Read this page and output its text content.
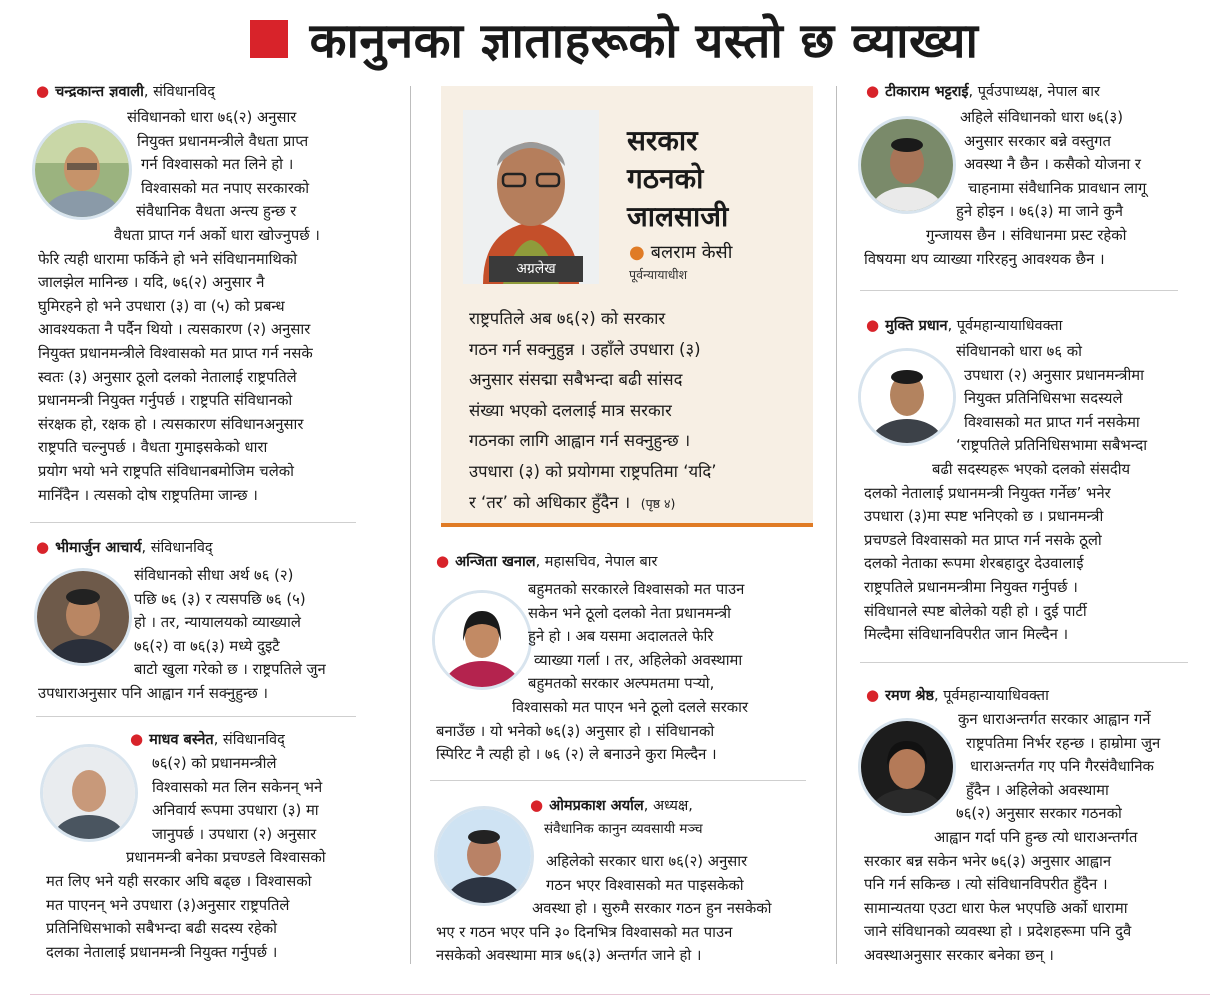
कानुनका ज्ञाताहरूको यस्तो छ व्याख्या
● चन्द्रकान्त ज्ञवाली, संविधानविद्
संविधानको धारा ७६(२) अनुसार
नियुक्त प्रधानमन्त्रीले वैधता प्राप्त
गर्न विश्वासको मत लिने हो ।
विश्वासको मत नपाए सरकारको
संवैधानिक वैधता अन्त्य हुन्छ र
वैधता प्राप्त गर्न अर्को धारा खोज्नुपर्छ ।
फेरि त्यही धारामा फर्किने हो भने संविधानमाथिको
जालझेल मानिन्छ । यदि, ७६(२) अनुसार नै
घुमिरहने हो भने उपधारा (३) वा (५) को प्रबन्ध
आवश्यकता नै पर्दैन थियो । त्यसकारण (२) अनुसार
नियुक्त प्रधानमन्त्रीले विश्वासको मत प्राप्त गर्न नसके
स्वतः (३) अनुसार ठूलो दलको नेतालाई राष्ट्रपतिले
प्रधानमन्त्री नियुक्त गर्नुपर्छ । राष्ट्रपति संविधानको
संरक्षक हो, रक्षक हो । त्यसकारण संविधानअनुसार
राष्ट्रपति चल्नुपर्छ । वैधता गुमाइसकेको धारा
प्रयोग भयो भने राष्ट्रपति संविधानबमोजिम चलेको
मानिँदैन । त्यसको दोष राष्ट्रपतिमा जान्छ ।
● भीमार्जुन आचार्य, संविधानविद्
संविधानको सीधा अर्थ ७६ (२)
पछि ७६ (३) र त्यसपछि ७६ (५)
हो । तर, न्यायालयको व्याख्याले
७६(२) वा ७६(३) मध्ये दुइटै
बाटो खुला गरेको छ । राष्ट्रपतिले जुन
उपधाराअनुसार पनि आह्वान गर्न सक्नुहुन्छ ।
● माधव बस्नेत, संविधानविद्
७६(२) को प्रधानमन्त्रीले
विश्वासको मत लिन सकेनन् भने
अनिवार्य रूपमा उपधारा (३) मा
जानुपर्छ । उपधारा (२) अनुसार
प्रधानमन्त्री बनेका प्रचण्डले विश्वासको
मत लिए भने यही सरकार अघि बढ्छ । विश्वासको
मत पाएनन् भने उपधारा (३)अनुसार राष्ट्रपतिले
प्रतिनिधिसभाको सबैभन्दा बढी सदस्य रहेको
दलका नेतालाई प्रधानमन्त्री नियुक्त गर्नुपर्छ ।
अग्रलेख
सरकार
गठनको
जालसाजी
● बलराम केसी
पूर्वन्यायाधीश
राष्ट्रपतिले अब ७६(२) को सरकार
गठन गर्न सक्नुहुन्न । उहाँले उपधारा (३)
अनुसार संसद्मा सबैभन्दा बढी सांसद
संख्या भएको दललाई मात्र सरकार
गठनका लागि आह्वान गर्न सक्नुहुन्छ ।
उपधारा (३) को प्रयोगमा राष्ट्रपतिमा ‘यदि’
र ‘तर’ को अधिकार हुँदैन । (पृष्ठ ४)
● अन्जिता खनाल, महासचिव, नेपाल बार
बहुमतको सरकारले विश्वासको मत पाउन
सकेन भने ठूलो दलको नेता प्रधानमन्त्री
हुने हो । अब यसमा अदालतले फेरि
व्याख्या गर्ला । तर, अहिलेको अवस्थामा
बहुमतको सरकार अल्पमतमा पर्‍यो,
विश्वासको मत पाएन भने ठूलो दलले सरकार
बनाउँछ । यो भनेको ७६(३) अनुसार हो । संविधानको
स्पिरिट नै त्यही हो । ७६ (२) ले बनाउने कुरा मिल्दैन ।
● ओमप्रकाश अर्याल, अध्यक्ष,
संवैधानिक कानुन व्यवसायी मञ्च
अहिलेको सरकार धारा ७६(२) अनुसार
गठन भएर विश्वासको मत पाइसकेको
अवस्था हो । सुरुमै सरकार गठन हुन नसकेको
भए र गठन भएर पनि ३० दिनभित्र विश्वासको मत पाउन
नसकेको अवस्थामा मात्र ७६(३) अन्तर्गत जाने हो ।
● टीकाराम भट्टराई, पूर्वउपाध्यक्ष, नेपाल बार
अहिले संविधानको धारा ७६(३)
अनुसार सरकार बन्ने वस्तुगत
अवस्था नै छैन । कसैको योजना र
चाहनामा संवैधानिक प्रावधान लागू
हुने होइन । ७६(३) मा जाने कुनै
गुन्जायस छैन । संविधानमा प्रस्ट रहेको
विषयमा थप व्याख्या गरिरहनु आवश्यक छैन ।
● मुक्ति प्रधान, पूर्वमहान्यायाधिवक्ता
संविधानको धारा ७६ को
उपधारा (२) अनुसार प्रधानमन्त्रीमा
नियुक्त प्रतिनिधिसभा सदस्यले
विश्वासको मत प्राप्त गर्न नसकेमा
‘राष्ट्रपतिले प्रतिनिधिसभामा सबैभन्दा
बढी सदस्यहरू भएको दलको संसदीय
दलको नेतालाई प्रधानमन्त्री नियुक्त गर्नेछ’ भनेर
उपधारा (३)मा स्पष्ट भनिएको छ । प्रधानमन्त्री
प्रचण्डले विश्वासको मत प्राप्त गर्न नसके ठूलो
दलको नेताका रूपमा शेरबहादुर देउवालाई
राष्ट्रपतिले प्रधानमन्त्रीमा नियुक्त गर्नुपर्छ ।
संविधानले स्पष्ट बोलेको यही हो । दुई पार्टी
मिल्दैमा संविधानविपरीत जान मिल्दैन ।
● रमण श्रेष्ठ, पूर्वमहान्यायाधिवक्ता
कुन धाराअन्तर्गत सरकार आह्वान गर्ने
राष्ट्रपतिमा निर्भर रहन्छ । हाम्रोमा जुन
धाराअन्तर्गत गए पनि गैरसंवैधानिक
हुँदैन । अहिलेको अवस्थामा
७६(२) अनुसार सरकार गठनको
आह्वान गर्दा पनि हुन्छ त्यो धाराअन्तर्गत
सरकार बन्न सकेन भनेर ७६(३) अनुसार आह्वान
पनि गर्न सकिन्छ । त्यो संविधानविपरीत हुँदैन ।
सामान्यतया एउटा धारा फेल भएपछि अर्को धारामा
जाने संविधानको व्यवस्था हो । प्रदेशहरूमा पनि दुवै
अवस्थाअनुसार सरकार बनेका छन् ।
